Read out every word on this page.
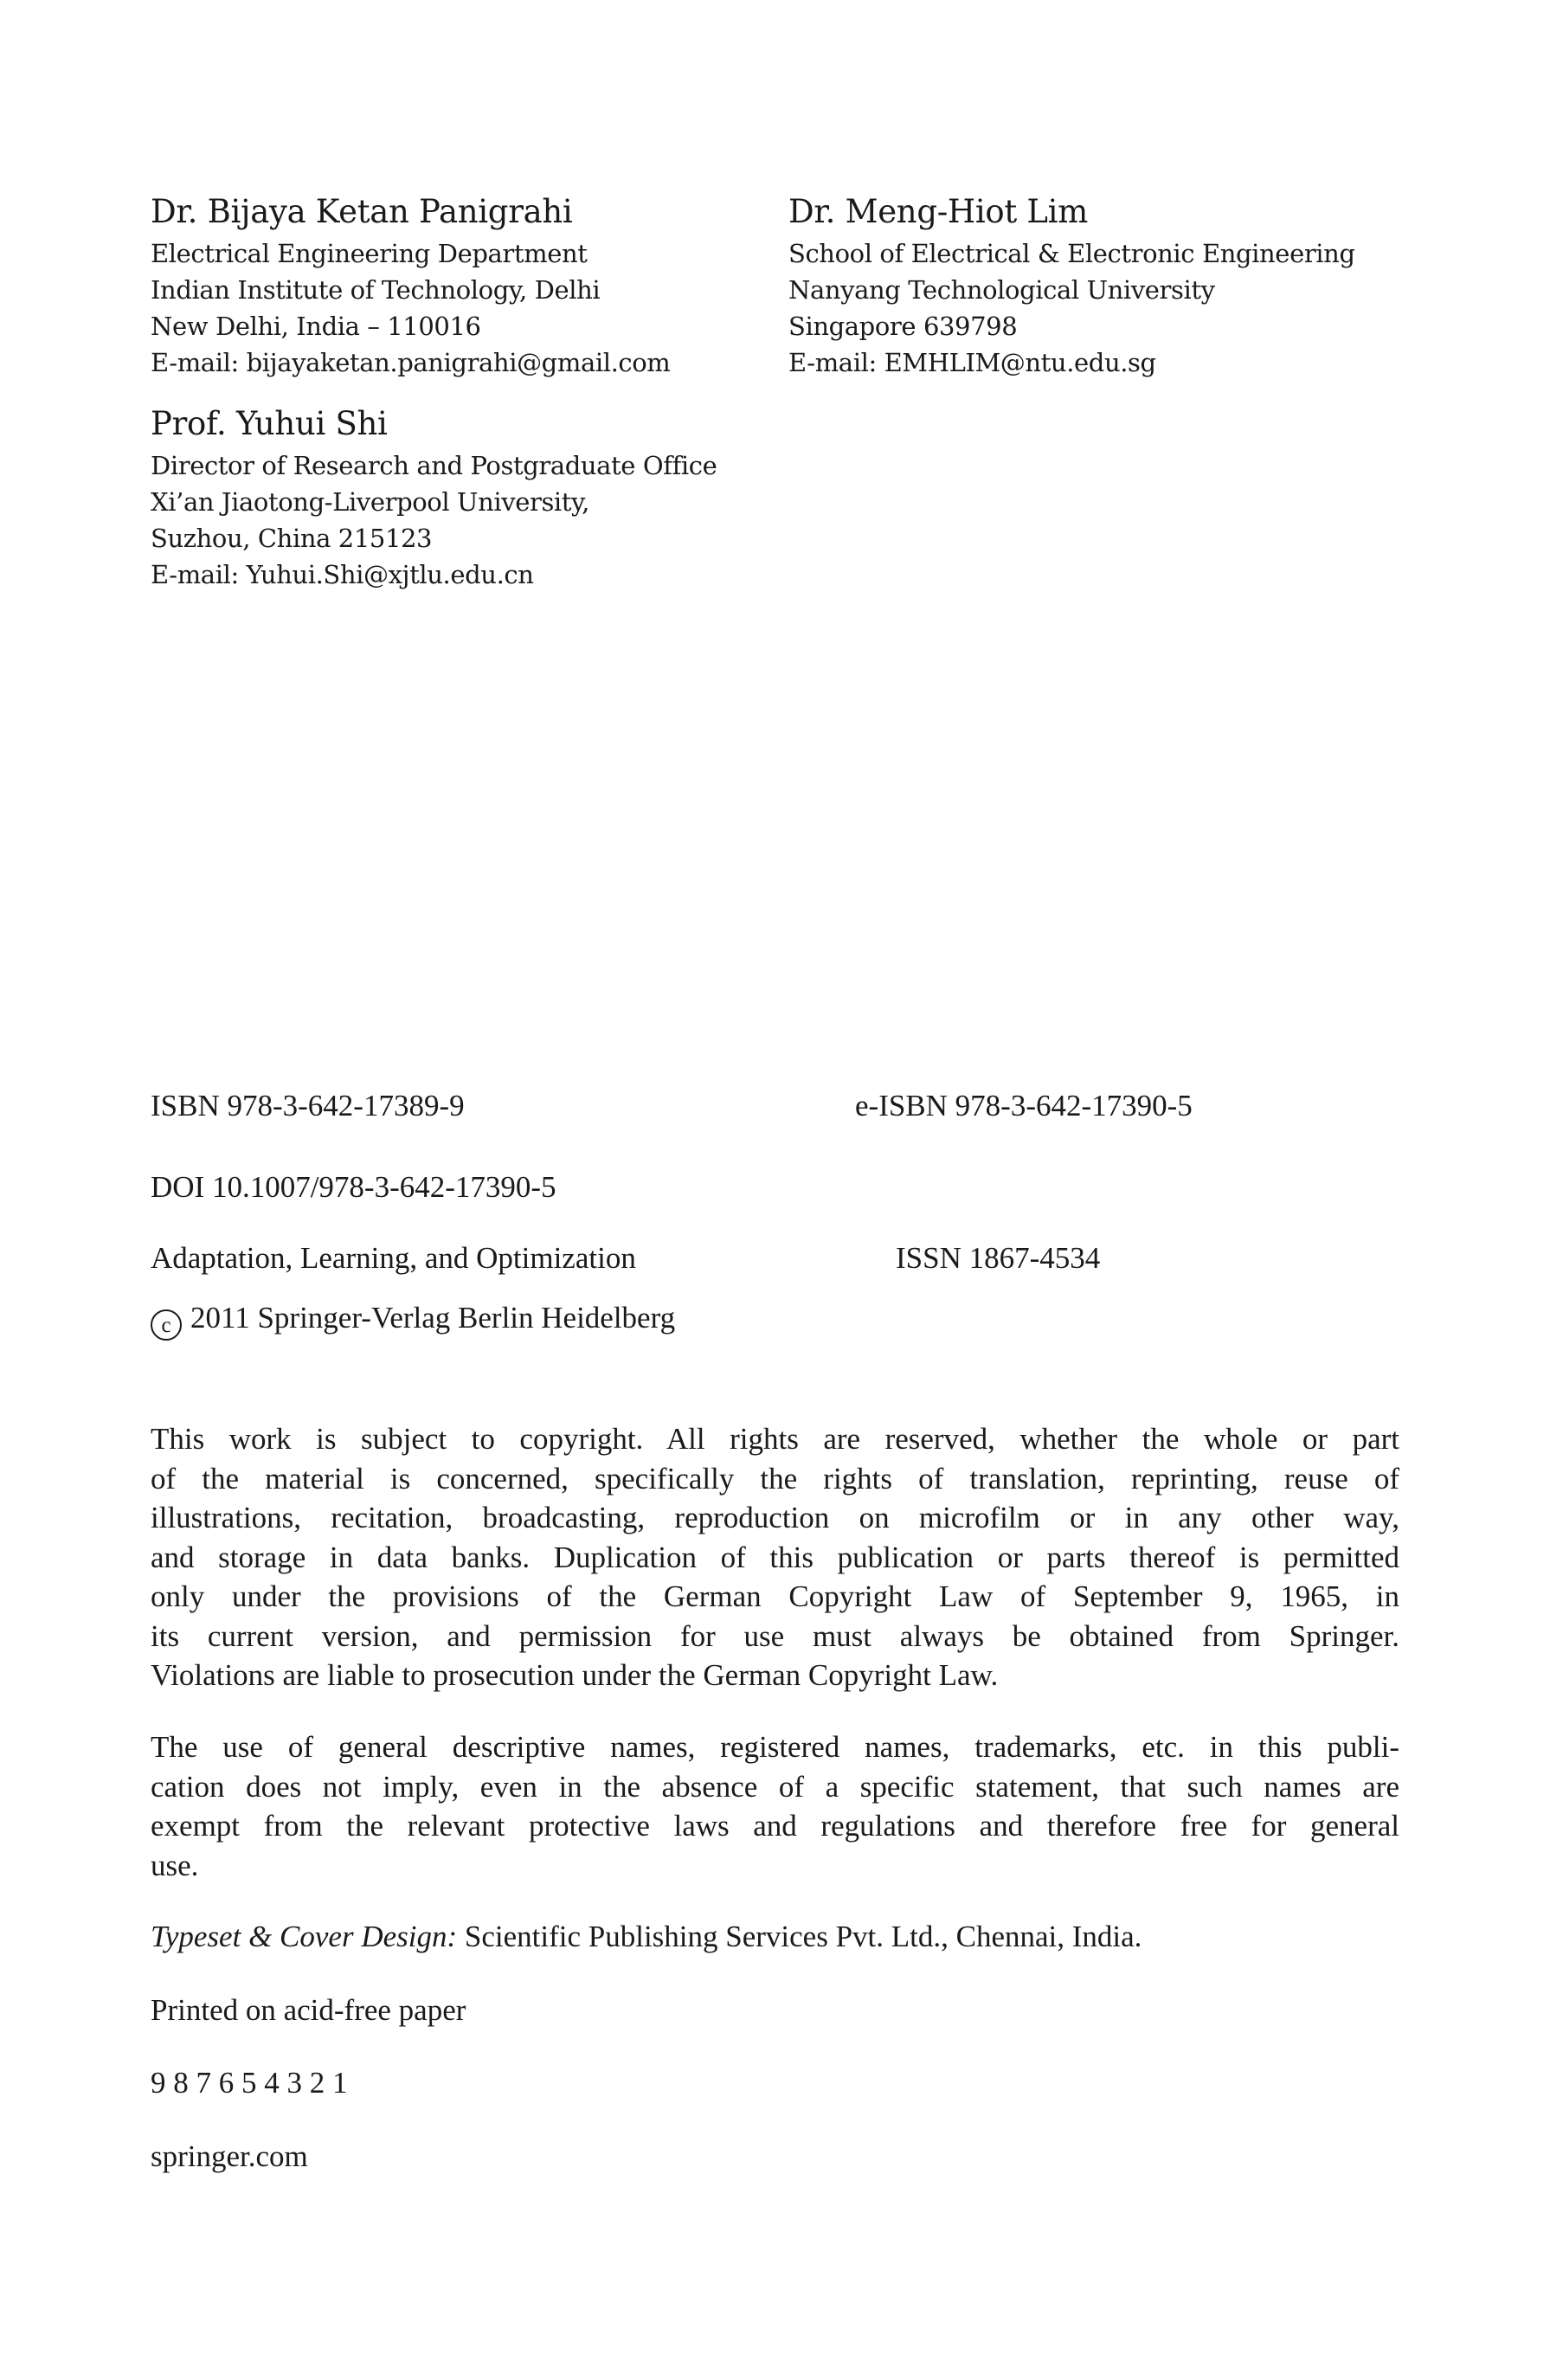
Dr. Bijaya Ketan Panigrahi
Electrical Engineering Department
Indian Institute of Technology, Delhi
New Delhi, India – 110016
E-mail: bijayaketan.panigrahi@gmail.com
Dr. Meng-Hiot Lim
School of Electrical & Electronic Engineering
Nanyang Technological University
Singapore 639798
E-mail: EMHLIM@ntu.edu.sg
Prof. Yuhui Shi
Director of Research and Postgraduate Office
Xi’an Jiaotong-Liverpool University,
Suzhou, China 215123
E-mail: Yuhui.Shi@xjtlu.edu.cn
ISBN 978-3-642-17389-9	e-ISBN 978-3-642-17390-5
DOI 10.1007/978-3-642-17390-5
Adaptation, Learning, and Optimization	ISSN 1867-4534
c 2011 Springer-Verlag Berlin Heidelberg
This work is subject to copyright. All rights are reserved, whether the whole or part
of the material is concerned, specifically the rights of translation, reprinting, reuse of
illustrations, recitation, broadcasting, reproduction on microfilm or in any other way,
and storage in data banks. Duplication of this publication or parts thereof is permitted
only under the provisions of the German Copyright Law of September 9, 1965, in
its current version, and permission for use must always be obtained from Springer.
Violations are liable to prosecution under the German Copyright Law.
The use of general descriptive names, registered names, trademarks, etc. in this publi-
cation does not imply, even in the absence of a specific statement, that such names are
exempt from the relevant protective laws and regulations and therefore free for general
use.
Typeset & Cover Design: Scientific Publishing Services Pvt. Ltd., Chennai, India.
Printed on acid-free paper
9 8 7 6 5 4 3 2 1
springer.com
